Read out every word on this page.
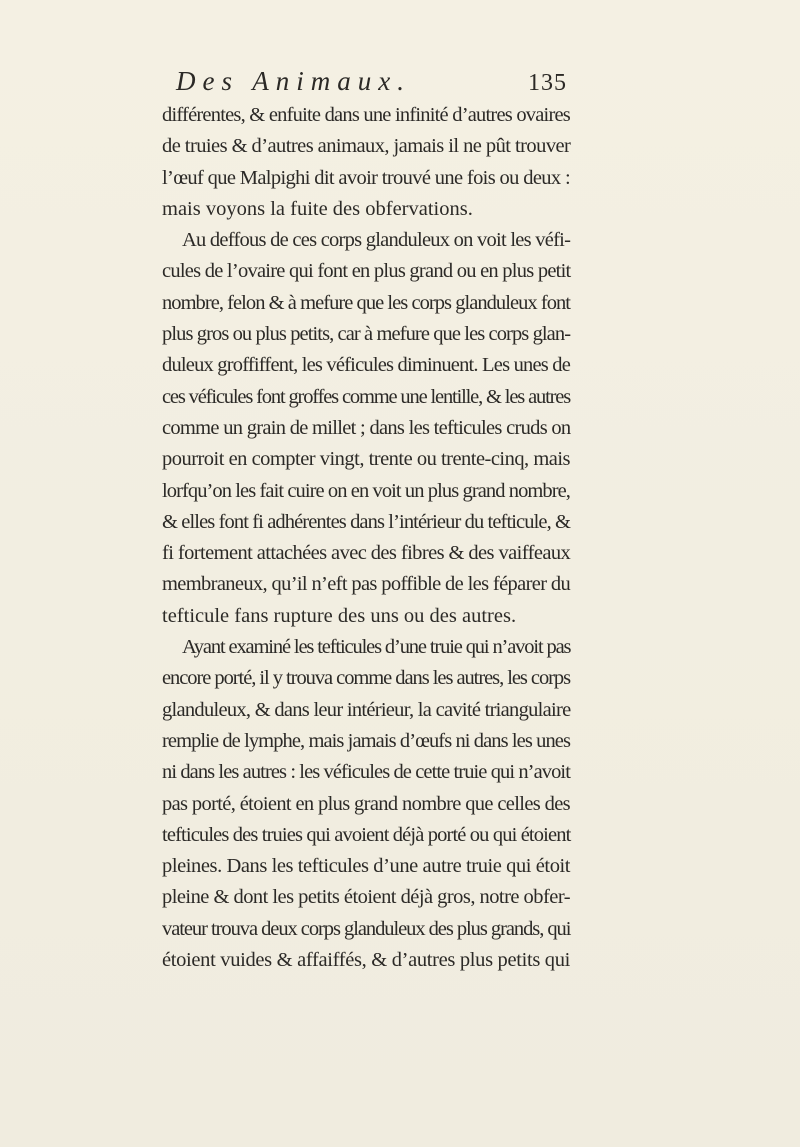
Des Animaux.	135
différentes, & enfuite dans une infinité d’autres ovaires
de truies & d’autres animaux, jamais il ne pût trouver
l’œuf que Malpighi dit avoir trouvé une fois ou deux :
mais voyons la fuite des obfervations.
Au deffous de ces corps glanduleux on voit les véfi-
cules de l’ovaire qui font en plus grand ou en plus petit
nombre, felon & à mefure que les corps glanduleux font
plus gros ou plus petits, car à mefure que les corps glan-
duleux groffiffent, les véficules diminuent. Les unes de
ces véficules font groffes comme une lentille, & les autres
comme un grain de millet ; dans les tefticules cruds on
pourroit en compter vingt, trente ou trente-cinq, mais
lorfqu’on les fait cuire on en voit un plus grand nombre,
& elles font fi adhérentes dans l’intérieur du tefticule, &
fi fortement attachées avec des fibres & des vaiffeaux
membraneux, qu’il n’eft pas poffible de les féparer du
tefticule fans rupture des uns ou des autres.
Ayant examiné les tefticules d’une truie qui n’avoit pas
encore porté, il y trouva comme dans les autres, les corps
glanduleux, & dans leur intérieur, la cavité triangulaire
remplie de lymphe, mais jamais d’œufs ni dans les unes
ni dans les autres : les véficules de cette truie qui n’avoit
pas porté, étoient en plus grand nombre que celles des
tefticules des truies qui avoient déjà porté ou qui étoient
pleines. Dans les tefticules d’une autre truie qui étoit
pleine & dont les petits étoient déjà gros, notre obfer-
vateur trouva deux corps glanduleux des plus grands, qui
étoient vuides & affaiffés, & d’autres plus petits qui
